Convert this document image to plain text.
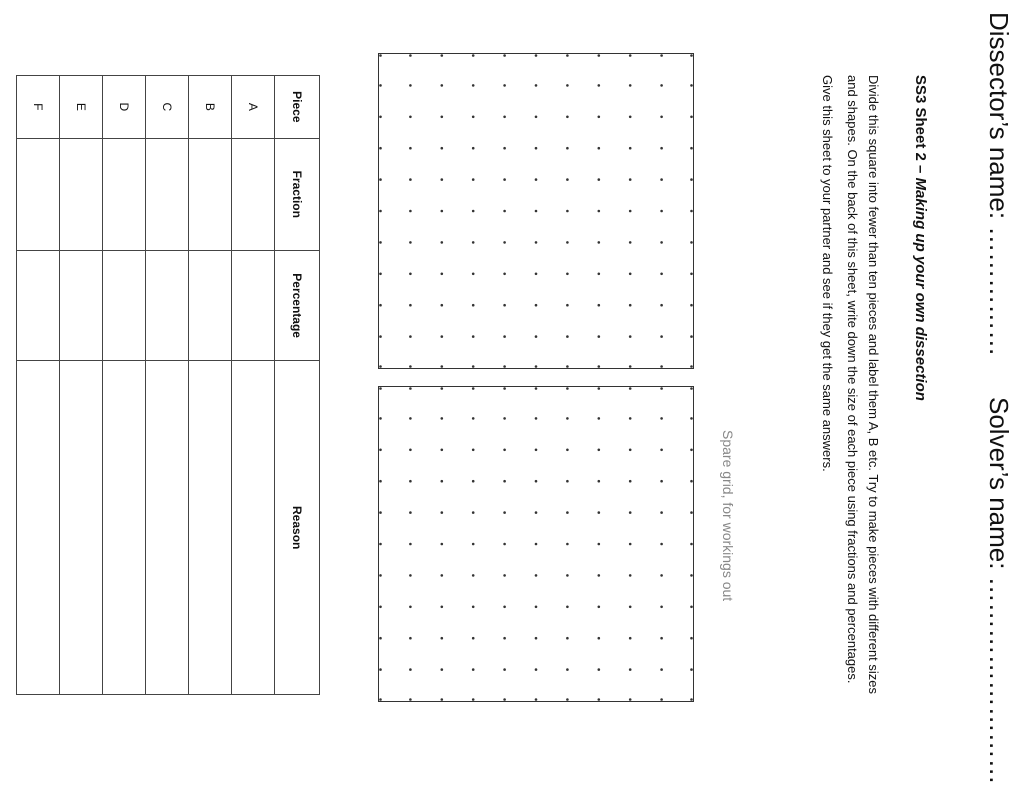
Dissector’s name: ……………
Solver’s name: ……………………
SS3 Sheet 2 – Making up your own dissection

Divide this square into fewer than ten pieces and label them A, B etc. Try to make pieces with different sizes and shapes. On the back of this sheet, write down the size of each piece using fractions and percentages.

Give this sheet to your partner and see if they get the same answers.

Spare grid, for workings out
Piece	Fraction	Percentage	Reason
A			
B			
C			
D			
E			
F			
